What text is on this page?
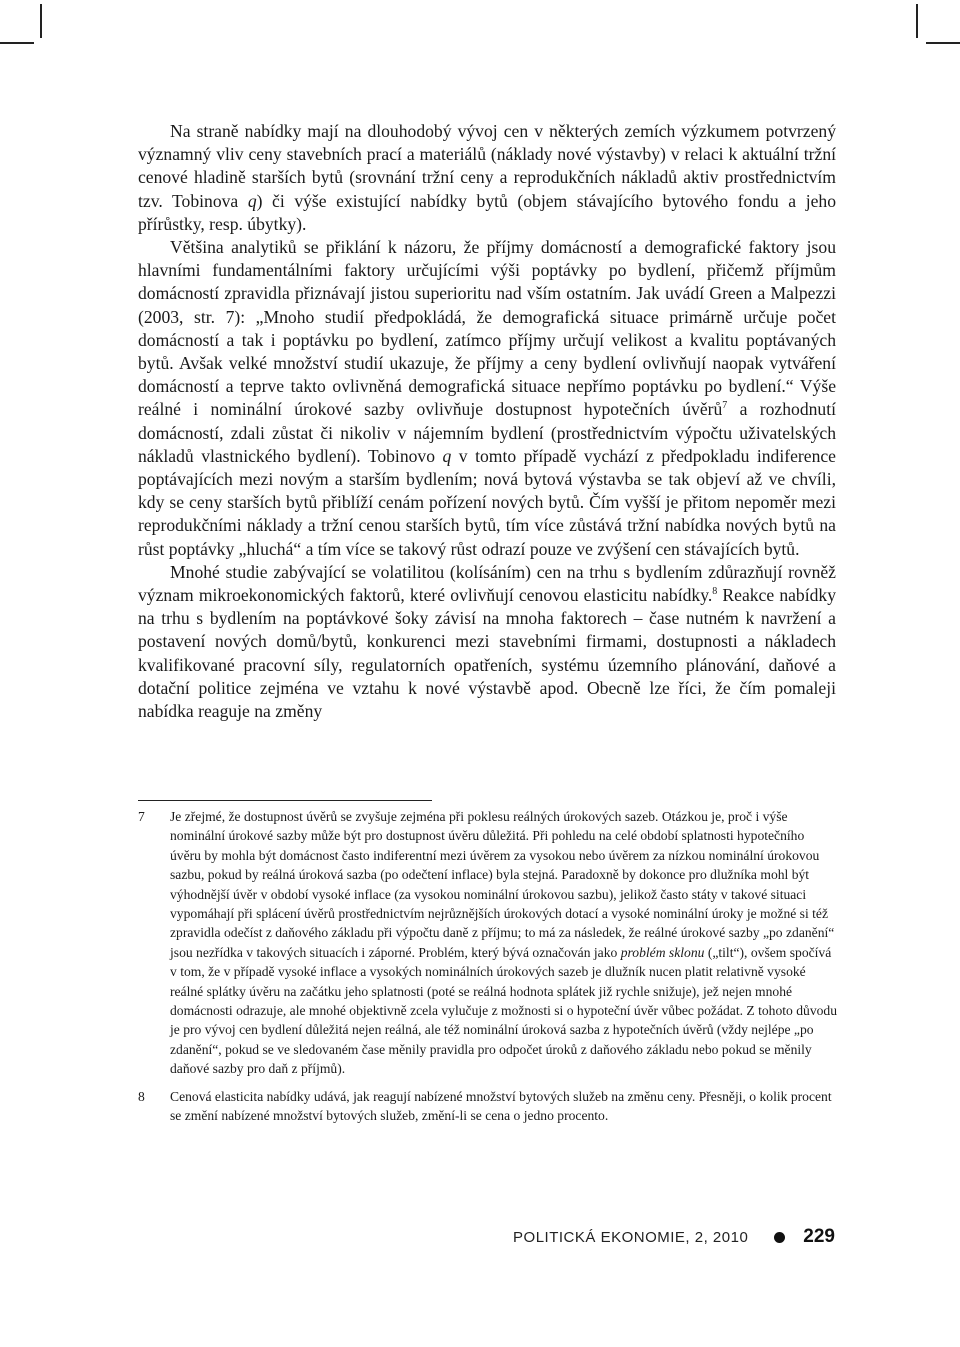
Na straně nabídky mají na dlouhodobý vývoj cen v některých zemích výzkumem potvrzený významný vliv ceny stavebních prací a materiálů (náklady nové výstavby) v relaci k aktuální tržní cenové hladině starších bytů (srovnání tržní ceny a reprodukčních nákladů aktiv prostřednictvím tzv. Tobinova q) či výše existující nabídky bytů (objem stávajícího bytového fondu a jeho přírůstky, resp. úbytky).

Většina analytiků se přiklání k názoru, že příjmy domácností a demografické faktory jsou hlavními fundamentálními faktory určujícími výši poptávky po bydlení, přičemž příjmům domácností zpravidla přiznávají jistou superioritu nad vším ostatním. Jak uvádí Green a Malpezzi (2003, str. 7): „Mnoho studií předpokládá, že demografická situace primárně určuje počet domácností a tak i poptávku po bydlení, zatímco příjmy určují velikost a kvalitu poptávaných bytů. Avšak velké množství studií ukazuje, že příjmy a ceny bydlení ovlivňují naopak vytváření domácností a teprve takto ovlivněná demografická situace nepřímo poptávku po bydlení.“ Výše reálné i nominální úrokové sazby ovlivňuje dostupnost hypotečních úvěrů$^7$ a rozhodnutí domácností, zdali zůstat či nikoliv v nájemním bydlení (prostřednictvím výpočtu uživatelských nákladů vlastnického bydlení). Tobinovo q v tomto případě vychází z předpokladu indiference poptávajících mezi novým a starším bydlením; nová bytová výstavba se tak objeví až ve chvíli, kdy se ceny starších bytů přiblíží cenám pořízení nových bytů. Čím vyšší je přitom nepoměr mezi reprodukčními náklady a tržní cenou starších bytů, tím více zůstává tržní nabídka nových bytů na růst poptávky „hluchá“ a tím více se takový růst odrazí pouze ve zvýšení cen stávajících bytů.

Mnohé studie zabývající se volatilitou (kolísáním) cen na trhu s bydlením zdůrazňují rovněž význam mikroekonomických faktorů, které ovlivňují cenovou elasticitu nabídky.$^8$ Reakce nabídky na trhu s bydlením na poptávkové šoky závisí na mnoha faktorech – čase nutném k navržení a postavení nových domů/bytů, konkurenci mezi stavebními firmami, dostupnosti a nákladech kvalifikované pracovní síly, regulatorních opatřeních, systému územního plánování, daňové a dotační politice zejména ve vztahu k nové výstavbě apod. Obecně lze říci, že čím pomaleji nabídka reaguje na změny

7 Je zřejmé, že dostupnost úvěrů se zvyšuje zejména při poklesu reálných úrokových sazeb. Otázkou je, proč i výše nominální úrokové sazby může být pro dostupnost úvěru důležitá. Při pohledu na celé období splatnosti hypotečního úvěru by mohla být domácnost často indiferentní mezi úvěrem za vysokou nebo úvěrem za nízkou nominální úrokovou sazbu, pokud by reálná úroková sazba (po odečtení inflace) byla stejná. Paradoxně by dokonce pro dlužníka mohl být výhodnější úvěr v období vysoké inflace (za vysokou nominální úrokovou sazbu), jelikož často státy v takové situaci vypomáhají při splácení úvěrů prostřednictvím nejrůznějších úrokových dotací a vysoké nominální úroky je možné si též zpravidla odečíst z daňového základu při výpočtu daně z příjmu; to má za následek, že reálné úrokové sazby „po zdanění“ jsou nezřídka v takových situacích i záporné. Problém, který bývá označován jako problém sklonu („tilt“), ovšem spočívá v tom, že v případě vysoké inflace a vysokých nominálních úrokových sazeb je dlužník nucen platit relativně vysoké reálné splátky úvěru na začátku jeho splatnosti (poté se reálná hodnota splátek již rychle snižuje), jež nejen mnohé domácnosti odrazuje, ale mnohé objektivně zcela vylučuje z možnosti si o hypoteční úvěr vůbec požádat. Z tohoto důvodu je pro vývoj cen bydlení důležitá nejen reálná, ale též nominální úroková sazba z hypotečních úvěrů (vždy nejlépe „po zdanění“, pokud se ve sledovaném čase měnily pravidla pro odpočet úroků z daňového základu nebo pokud se měnily daňové sazby pro daň z příjmů).
8 Cenová elasticita nabídky udává, jak reagují nabízené množství bytových služeb na změnu ceny. Přesněji, o kolik procent se změní nabízené množství bytových služeb, změní-li se cena o jedno procento.
POLITICKÁ EKONOMIE, 2, 2010	229
